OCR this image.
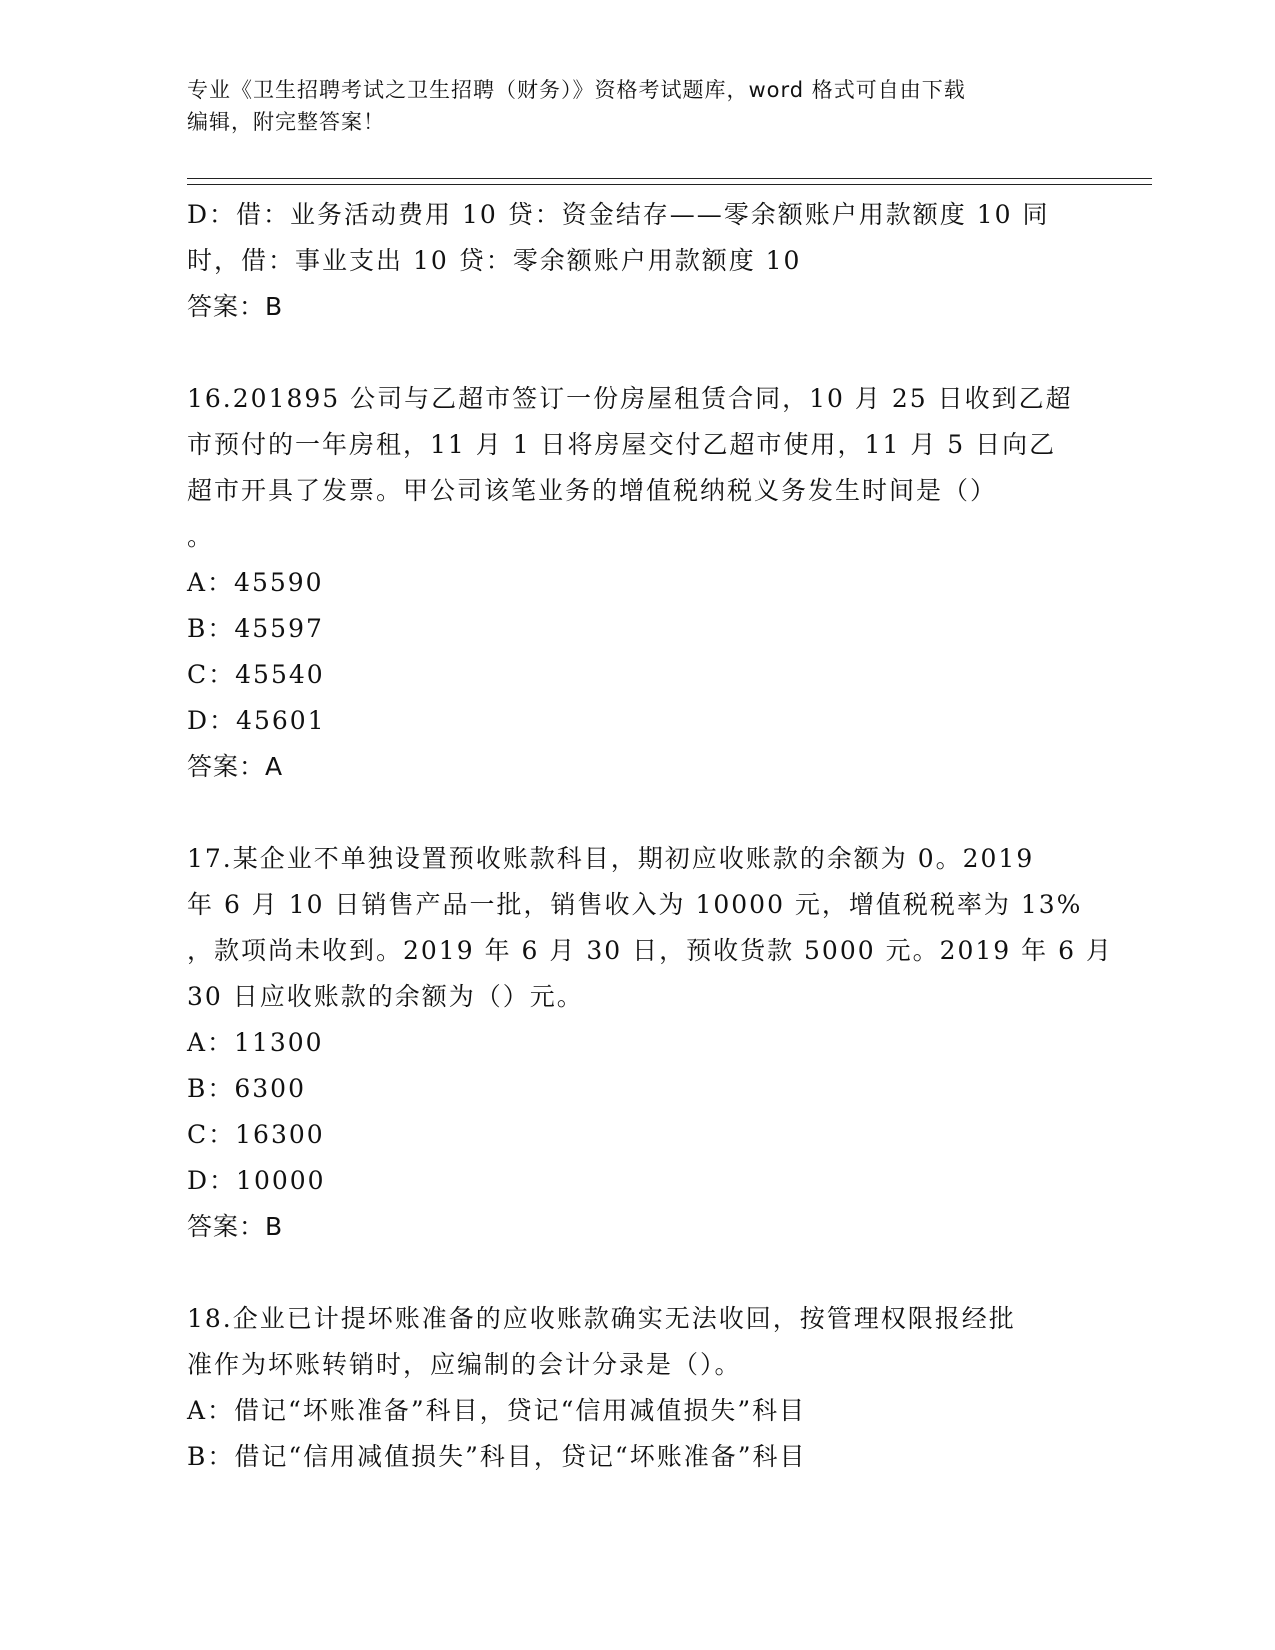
专业《卫生招聘考试之卫生招聘（财务）》资格考试题库，word 格式可自由下载
编辑，附完整答案！
D：借：业务活动费用 10 贷：资金结存——零余额账户用款额度 10 同
时，借：事业支出 10 贷：零余额账户用款额度 10
答案：B
16.201895 公司与乙超市签订一份房屋租赁合同，10 月 25 日收到乙超
市预付的一年房租，11 月 1 日将房屋交付乙超市使用，11 月 5 日向乙
超市开具了发票。甲公司该笔业务的增值税纳税义务发生时间是（）
。
A：45590
B：45597
C：45540
D：45601
答案：A
17.某企业不单独设置预收账款科目，期初应收账款的余额为 0。2019
年 6 月 10 日销售产品一批，销售收入为 10000 元，增值税税率为 13%
，款项尚未收到。2019 年 6 月 30 日，预收货款 5000 元。2019 年 6 月
30 日应收账款的余额为（）元。
A：11300
B：6300
C：16300
D：10000
答案：B
18.企业已计提坏账准备的应收账款确实无法收回，按管理权限报经批
准作为坏账转销时，应编制的会计分录是（）。
A：借记“坏账准备”科目，贷记“信用减值损失”科目
B：借记“信用减值损失”科目，贷记“坏账准备”科目
